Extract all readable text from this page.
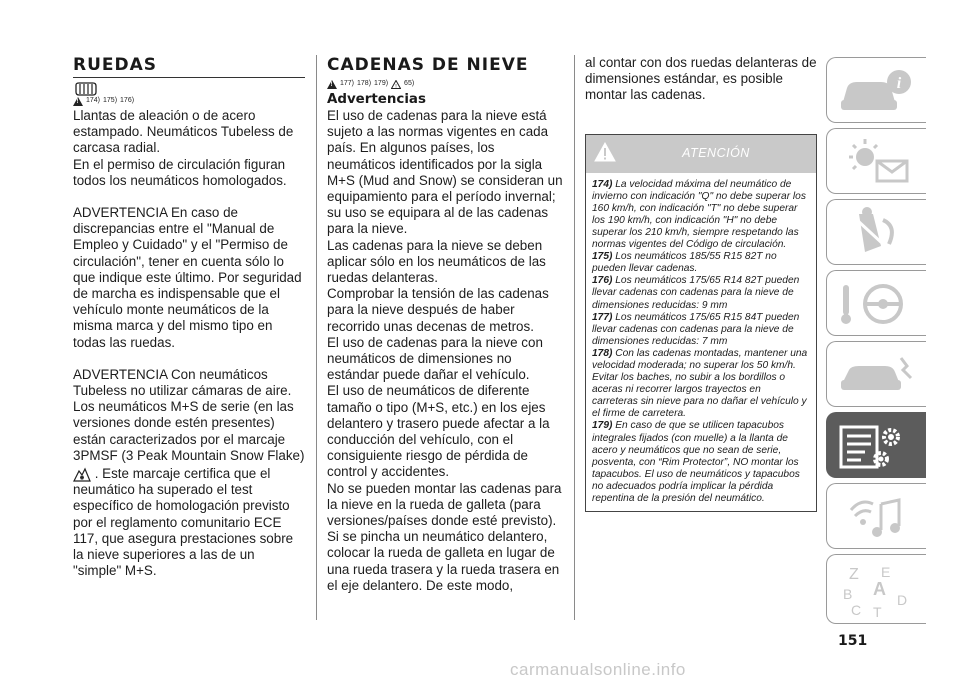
RUEDAS
!
174) 175) 176)

Llantas de aleación o de acero estampado. Neumáticos Tubeless de carcasa radial.

En el permiso de circulación figuran todos los neumáticos homologados.

ADVERTENCIA En caso de discrepancias entre el "Manual de Empleo y Cuidado" y el "Permiso de circulación", tener en cuenta sólo lo que indique este último. Por seguridad de marcha es indispensable que el vehículo monte neumáticos de la misma marca y del mismo tipo en todas las ruedas.

ADVERTENCIA Con neumáticos Tubeless no utilizar cámaras de aire. Los neumáticos M+S de serie (en las versiones donde estén presentes) están caracterizados por el marcaje 3PMSF (3 Peak Mountain Snow Flake)  . Este marcaje certifica que el neumático ha superado el test específico de homologación previsto por el reglamento comunitario ECE 117, que asegura prestaciones sobre la nieve superiores a las de un "simple" M+S.

CADENAS DE NIEVE
!
177) 178) 179) ! 65)
Advertencias

El uso de cadenas para la nieve está sujeto a las normas vigentes en cada país. En algunos países, los neumáticos identificados por la sigla M+S (Mud and Snow) se consideran un equipamiento para el período invernal; su uso se equipara al de las cadenas para la nieve.

Las cadenas para la nieve se deben aplicar sólo en los neumáticos de las ruedas delanteras.

Comprobar la tensión de las cadenas para la nieve después de haber recorrido unas decenas de metros.

El uso de cadenas para la nieve con neumáticos de dimensiones no estándar puede dañar el vehículo.

El uso de neumáticos de diferente tamaño o tipo (M+S, etc.) en los ejes delantero y trasero puede afectar a la conducción del vehículo, con el consiguiente riesgo de pérdida de control y accidentes.

No se pueden montar las cadenas para la nieve en la rueda de galleta (para versiones/países donde esté previsto). Si se pincha un neumático delantero, colocar la rueda de galleta en lugar de una rueda trasera y la rueda trasera en el eje delantero. De este modo,

al contar con dos ruedas delanteras de dimensiones estándar, es posible montar las cadenas.

ATENCIÓN

174) La velocidad máxima del neumático de invierno con indicación "Q" no debe superar los 160 km/h, con indicación "T" no debe superar los 190 km/h, con indicación "H" no debe superar los 210 km/h, siempre respetando las normas vigentes del Código de circulación.

175) Los neumáticos 185/55 R15 82T no pueden llevar cadenas.

176) Los neumáticos 175/65 R14 82T pueden llevar cadenas con cadenas para la nieve de dimensiones reducidas: 9 mm

177) Los neumáticos 175/65 R15 84T pueden llevar cadenas con cadenas para la nieve de dimensiones reducidas: 7 mm

178) Con las cadenas montadas, mantener una velocidad moderada; no superar los 50 km/h. Evitar los baches, no subir a los bordillos o aceras ni recorrer largos trayectos en carreteras sin nieve para no dañar el vehículo y el firme de carretera.

179) En caso de que se utilicen tapacubos integrales fijados (con muelle) a la llanta de acero y neumáticos que no sean de serie, posventa, con “Rim Protector”, NO montar los tapacubos. El uso de neumáticos y tapacubos no adecuados podría implicar la pérdida repentina de la presión del neumático.

i
Z E
B A
C
D
T
151
carmanualsonline.info
